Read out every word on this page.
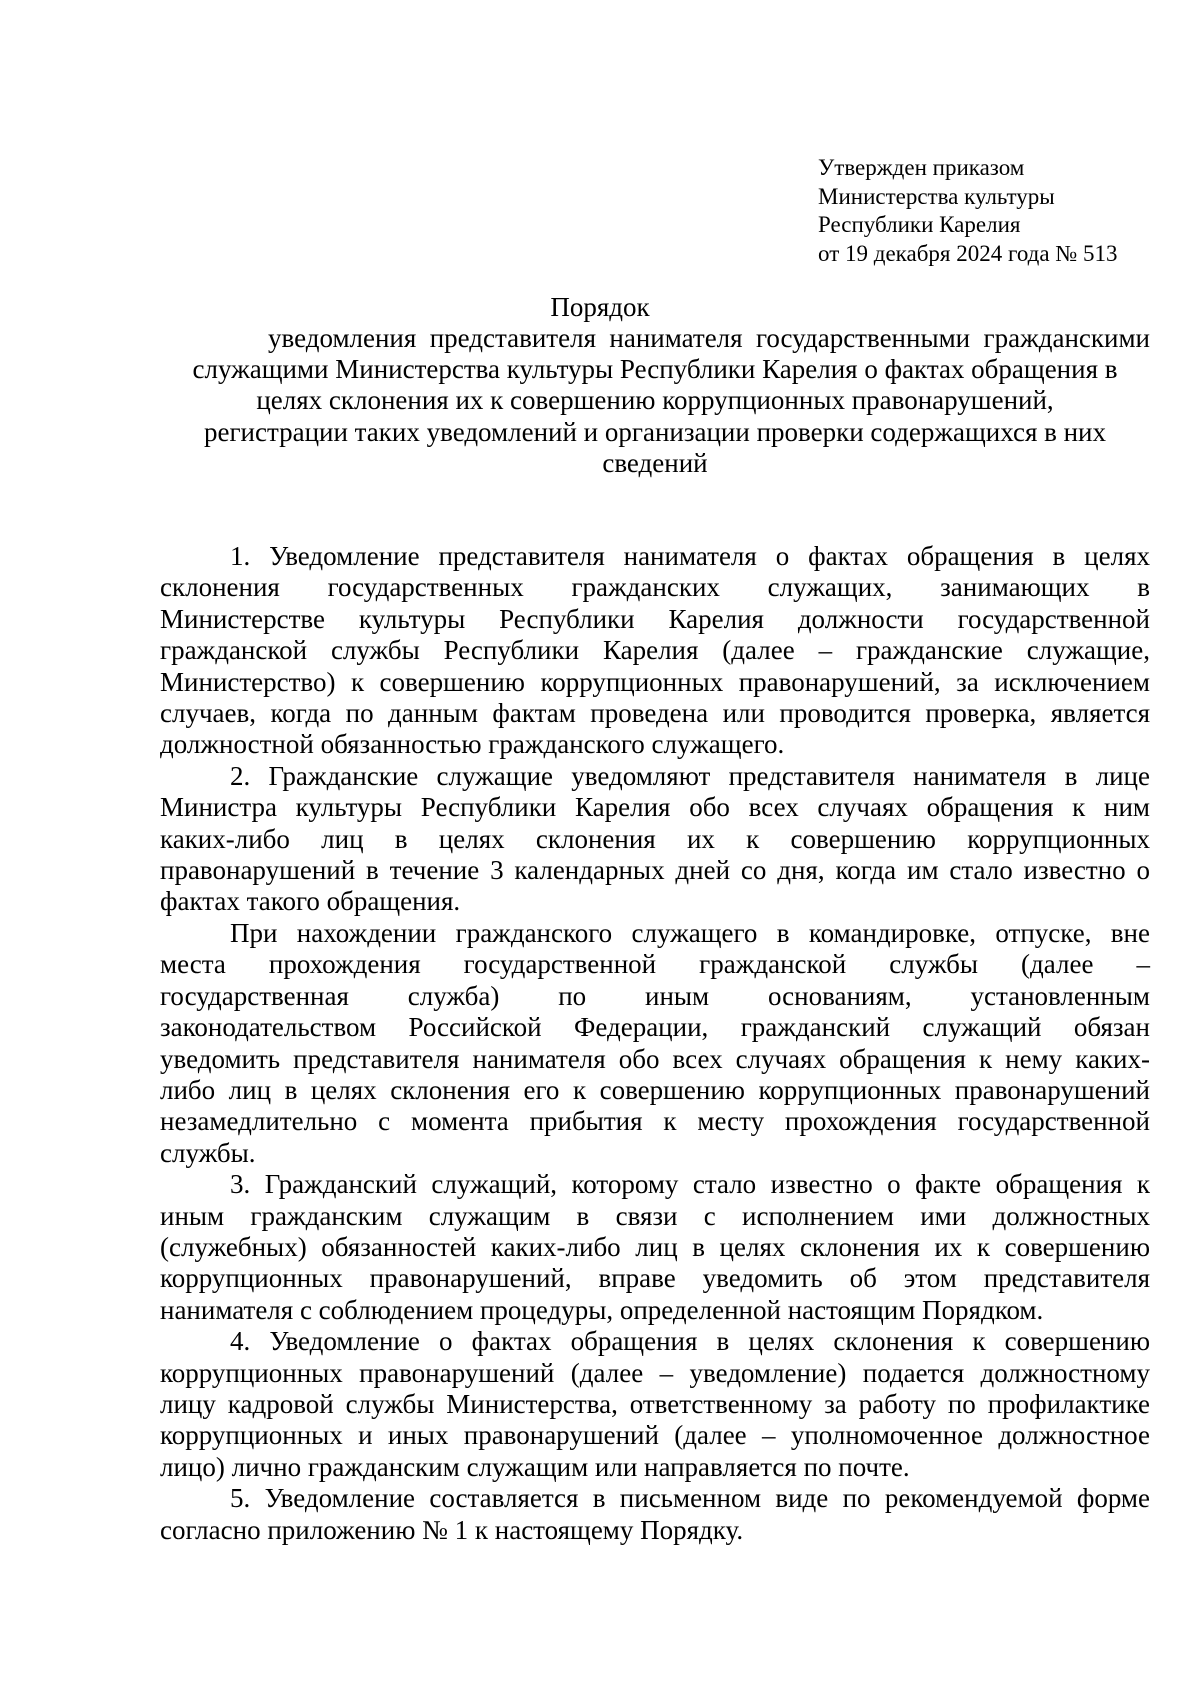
Утвержден приказом
Министерства культуры
Республики Карелия
от 19 декабря 2024 года № 513
Порядок
уведомления представителя нанимателя государственными гражданскими
служащими Министерства культуры Республики Карелия о фактах обращения в
целях склонения их к совершению коррупционных правонарушений,
регистрации таких уведомлений и организации проверки содержащихся в них
сведений
1. Уведомление представителя нанимателя о фактах обращения в целях
склонения государственных гражданских служащих, занимающих в
Министерстве культуры Республики Карелия должности государственной
гражданской службы Республики Карелия (далее – гражданские служащие,
Министерство) к совершению коррупционных правонарушений, за исключением
случаев, когда по данным фактам проведена или проводится проверка, является
должностной обязанностью гражданского служащего.
2. Гражданские служащие уведомляют представителя нанимателя в лице
Министра культуры Республики Карелия обо всех случаях обращения к ним
каких-либо лиц в целях склонения их к совершению коррупционных
правонарушений в течение 3 календарных дней со дня, когда им стало известно о
фактах такого обращения.
При нахождении гражданского служащего в командировке, отпуске, вне
места прохождения государственной гражданской службы (далее –
государственная служба) по иным основаниям, установленным
законодательством Российской Федерации, гражданский служащий обязан
уведомить представителя нанимателя обо всех случаях обращения к нему каких-
либо лиц в целях склонения его к совершению коррупционных правонарушений
незамедлительно с момента прибытия к месту прохождения государственной
службы.
3. Гражданский служащий, которому стало известно о факте обращения к
иным гражданским служащим в связи с исполнением ими должностных
(служебных) обязанностей каких-либо лиц в целях склонения их к совершению
коррупционных правонарушений, вправе уведомить об этом представителя
нанимателя с соблюдением процедуры, определенной настоящим Порядком.
4. Уведомление о фактах обращения в целях склонения к совершению
коррупционных правонарушений (далее – уведомление) подается должностному
лицу кадровой службы Министерства, ответственному за работу по профилактике
коррупционных и иных правонарушений (далее – уполномоченное должностное
лицо) лично гражданским служащим или направляется по почте.
5. Уведомление составляется в письменном виде по рекомендуемой форме
согласно приложению № 1 к настоящему Порядку.
